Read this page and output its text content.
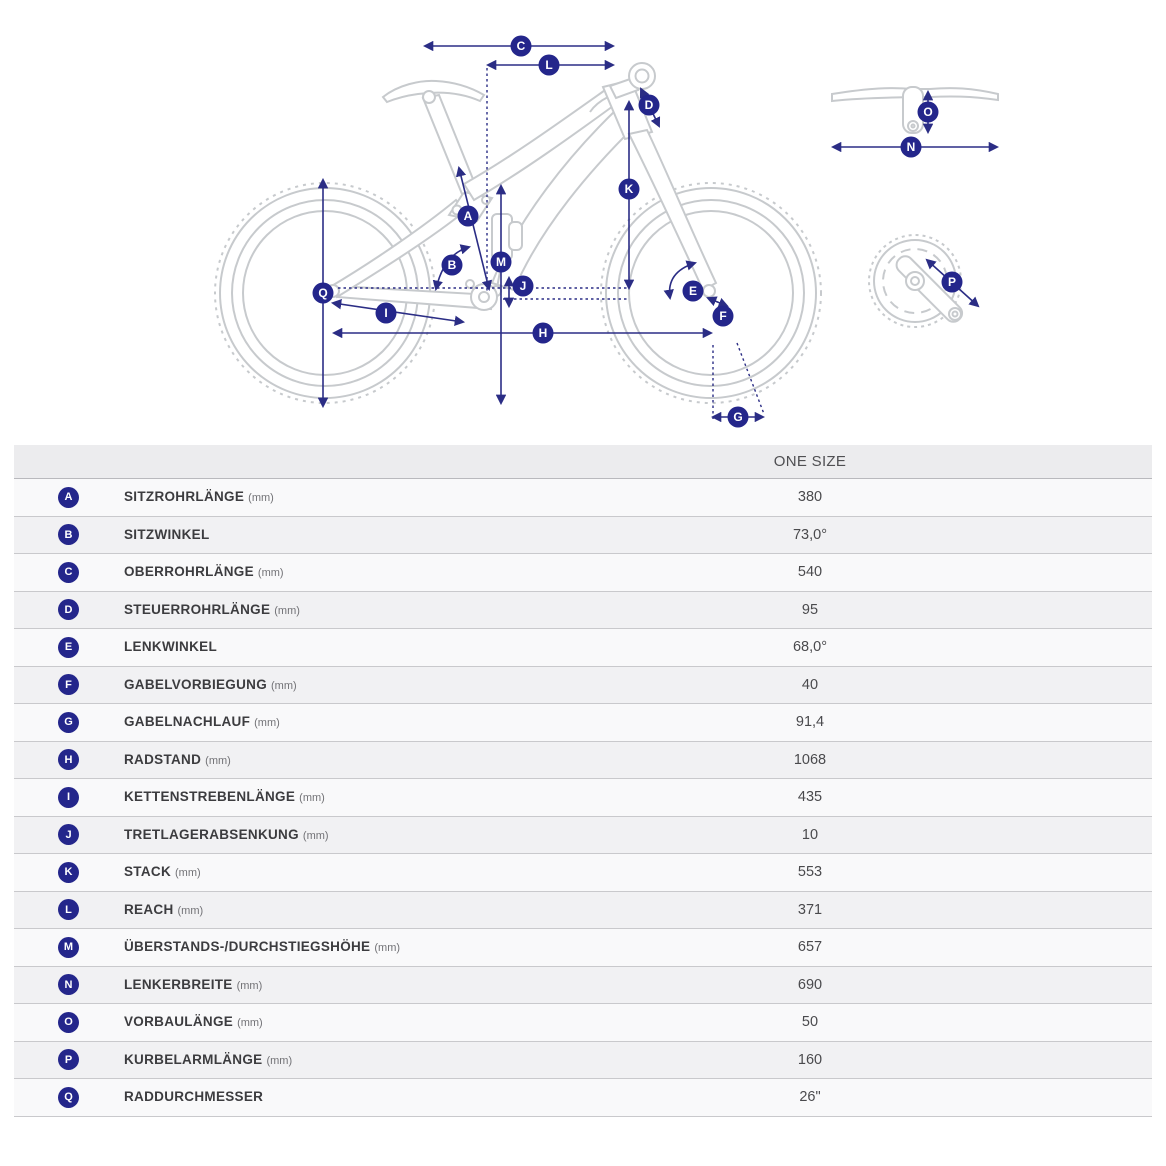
C
L
D
K
A
B	M
J
Q	E
F
I
H
G
N
O
P
ONE SIZE
A	SITZROHRLÄNGE (mm)	380
B	SITZWINKEL	73,0°
C	OBERROHRLÄNGE (mm)	540
D	STEUERROHRLÄNGE (mm)	95
E	LENKWINKEL	68,0°
F	GABELVORBIEGUNG (mm)	40
G	GABELNACHLAUF (mm)	91,4
H	RADSTAND (mm)	1068
I	KETTENSTREBENLÄNGE (mm)	435
J	TRETLAGERABSENKUNG (mm)	10
K	STACK (mm)	553
L	REACH (mm)	371
M	ÜBERSTANDS-/DURCHSTIEGSHÖHE (mm)	657
N	LENKERBREITE (mm)	690
O	VORBAULÄNGE (mm)	50
P	KURBELARMLÄNGE (mm)	160
Q	RADDURCHMESSER	26"
